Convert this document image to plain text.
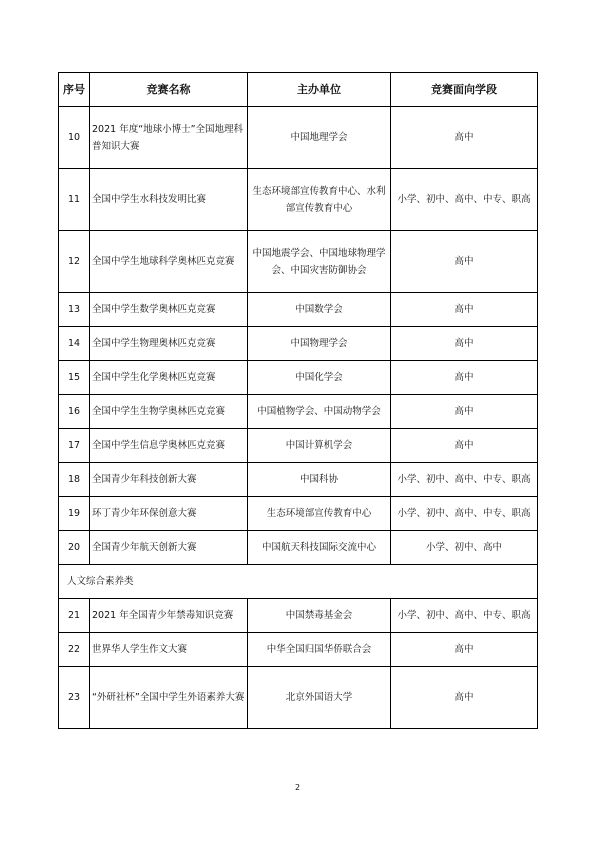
序号	竞赛名称	主办单位	竞赛面向学段
10	2021 年度“地球小博士”全国地理科普知识大赛	中国地理学会	高中
11	全国中学生水科技发明比赛	生态环境部宣传教育中心、水利部宣传教育中心	小学、初中、高中、中专、职高
12	全国中学生地球科学奥林匹克竞赛	中国地震学会、中国地球物理学会、中国灾害防御协会	高中
13	全国中学生数学奥林匹克竞赛	中国数学会	高中
14	全国中学生物理奥林匹克竞赛	中国物理学会	高中
15	全国中学生化学奥林匹克竞赛	中国化学会	高中
16	全国中学生生物学奥林匹克竞赛	中国植物学会、中国动物学会	高中
17	全国中学生信息学奥林匹克竞赛	中国计算机学会	高中
18	全国青少年科技创新大赛	中国科协	小学、初中、高中、中专、职高
19	环丁青少年环保创意大赛	生态环境部宣传教育中心	小学、初中、高中、中专、职高
20	全国青少年航天创新大赛	中国航天科技国际交流中心	小学、初中、高中
人文综合素养类			
21	2021 年全国青少年禁毒知识竞赛	中国禁毒基金会	小学、初中、高中、中专、职高
22	世界华人学生作文大赛	中华全国归国华侨联合会	高中
23	“外研社杯”全国中学生外语素养大赛	北京外国语大学	高中
2
